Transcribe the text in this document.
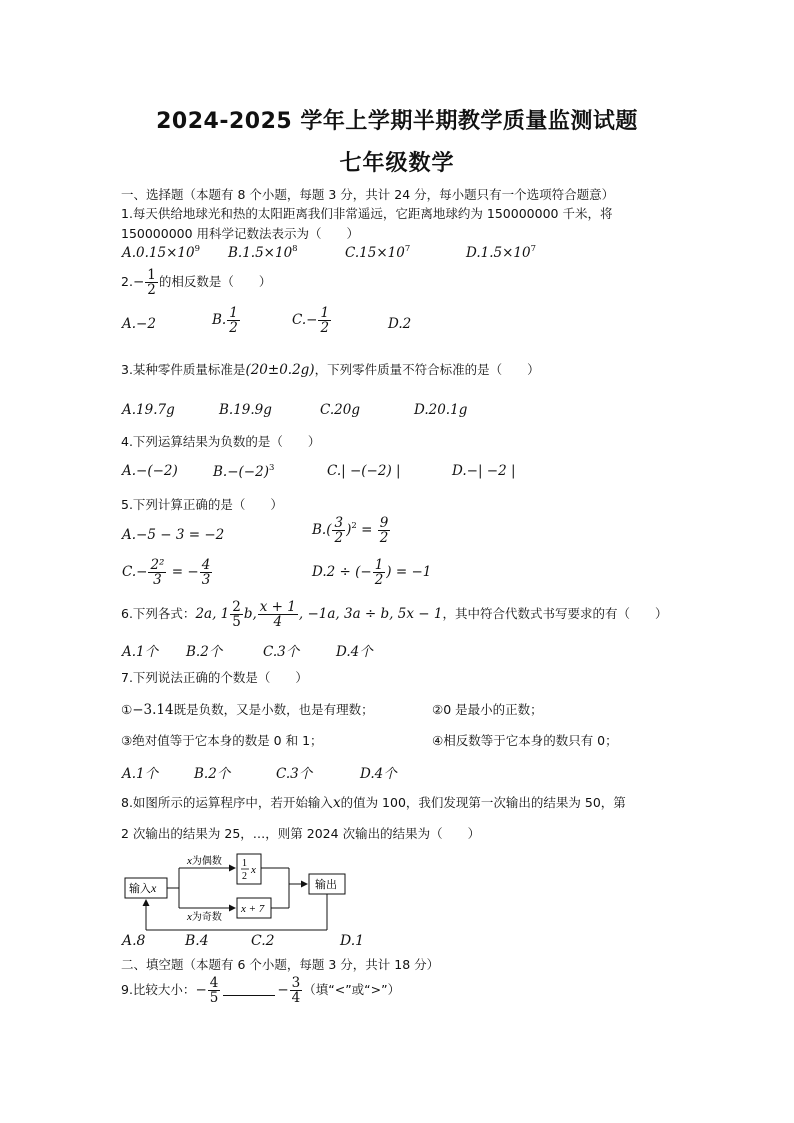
2024-2025 学年上学期半期教学质量监测试题
七年级数学
一、选择题（本题有 8 个小题，每题 3 分，共计 24 分，每小题只有一个选项符合题意）
1.每天供给地球光和热的太阳距离我们非常遥远，它距离地球约为 150000000 千米，将
150000000 用科学记数法表示为（　　）
$A.0.15\times 10^9$ $B.1.5\times 10^8$	$C.15\times 10^7$	$D.1.5\times 10^7$
$2.- \frac{1}{2}$ 的相反数是（　　）
A.−2	B. $\frac{1}{2}$	$C.- \frac{1}{2}$	D.2
3.某种零件质量标准是(20±0.2g)，下列零件质量不符合标准的是（　　）
A.19.7g	B.19.9g	C.20g	D.20.1g
4.下列运算结果为负数的是（　　）
A.−(−2)	$B.-(-2)^3$	C.| −(−2) |	D.−| −2 |
5.下列计算正确的是（　　）
A.−5 − 3 = −2	$B.( \frac{3}{2} )^2 = \frac{9}{2}$
$C.- \frac{\text{2²}}{3}$ = − $\frac{4}{3}$	D.2 ÷ (− $\frac{1}{2}$ ) = −1
6.下列各式：2a, $1 \frac{2}{5} b$, $\frac{x + 1}{4}$ , −1a, 3a ÷ b, 5x − 1，其中符合代数式书写要求的有（　　）
A.1个 B.2个	C.3个	D.4个
7.下列说法正确的个数是（　　）
①−3.14既是负数，又是小数，也是有理数；	②0 是最小的正数；
③绝对值等于它本身的数是 0 和 1；	④相反数等于它本身的数只有 0；
A.1个	B.2个	C.3个	D.4个
8.如图所示的运算程序中，若开始输入x的值为 100，我们发现第一次输出的结果为 50，第
2 次输出的结果为 25，…，则第 2024 次输出的结果为（　　）
输入x
x为偶数
x为奇数
1
2
x
x + 7
输出
A.8	B.4	C.2	D.1
二、填空题（本题有 6 个小题，每题 3 分，共计 18 分）
9.比较大小：− $\frac{4}{5}$	− $\frac{3}{4}$ （填“<”或“>”）
